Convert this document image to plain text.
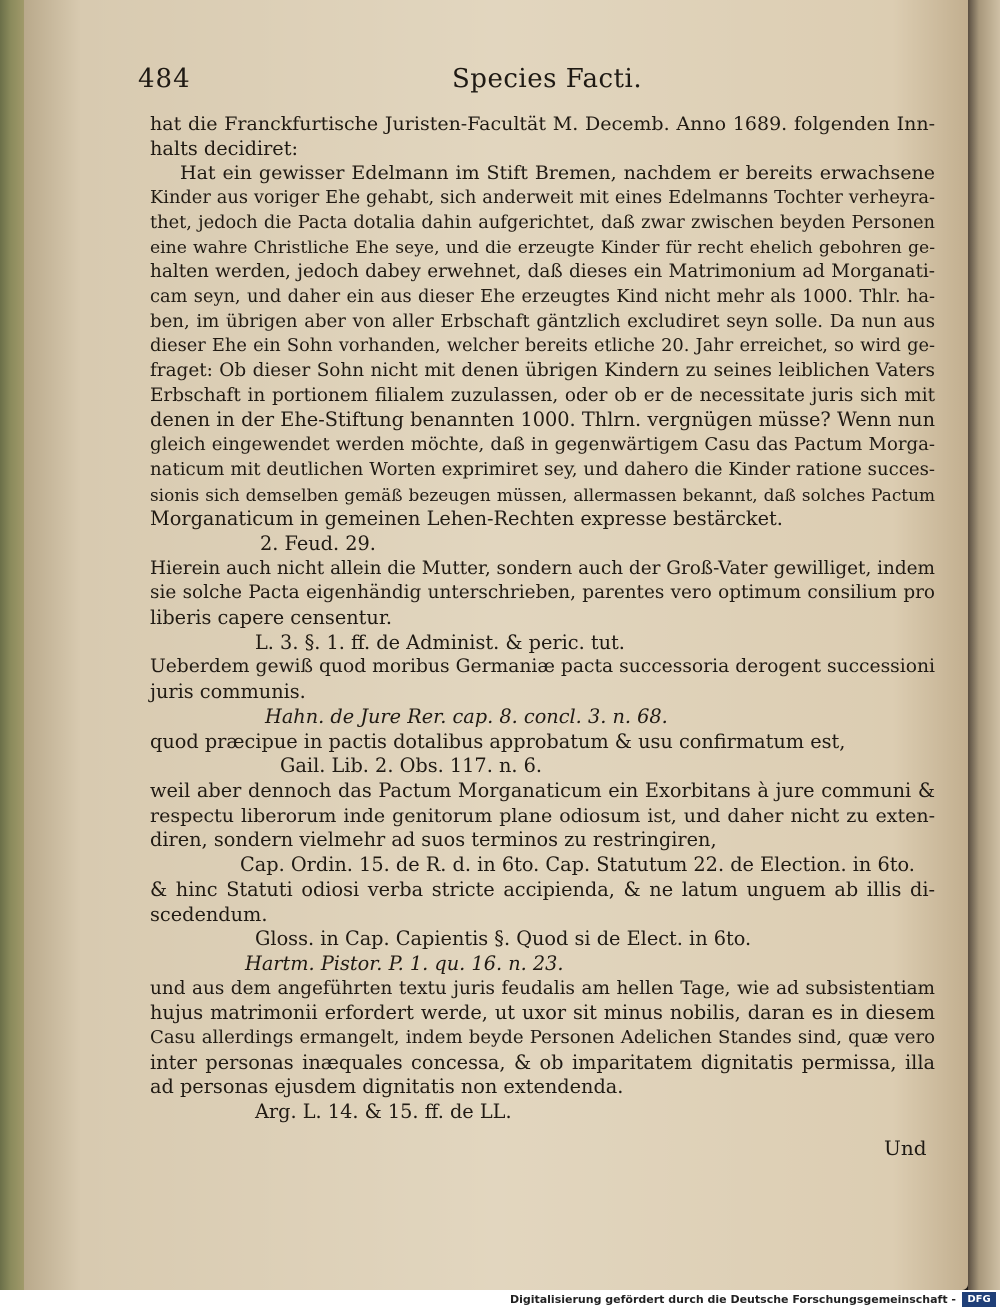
484	Species Facti.
hat die Franckfurtische Juristen-Facultät M. Decemb. Anno 1689. folgenden Inn-
halts decidiret:
Hat ein gewisser Edelmann im Stift Bremen, nachdem er bereits erwachsene
Kinder aus voriger Ehe gehabt, sich anderweit mit eines Edelmanns Tochter verheyra-
thet, jedoch die Pacta dotalia dahin aufgerichtet, daß zwar zwischen beyden Personen
eine wahre Christliche Ehe seye, und die erzeugte Kinder für recht ehelich gebohren ge-
halten werden, jedoch dabey erwehnet, daß dieses ein Matrimonium ad Morganati-
cam seyn, und daher ein aus dieser Ehe erzeugtes Kind nicht mehr als 1000. Thlr. ha-
ben, im übrigen aber von aller Erbschaft gäntzlich excludiret seyn solle. Da nun aus
dieser Ehe ein Sohn vorhanden, welcher bereits etliche 20. Jahr erreichet, so wird ge-
fraget: Ob dieser Sohn nicht mit denen übrigen Kindern zu seines leiblichen Vaters
Erbschaft in portionem filialem zuzulassen, oder ob er de necessitate juris sich mit
denen in der Ehe-Stiftung benannten 1000. Thlrn. vergnügen müsse? Wenn nun
gleich eingewendet werden möchte, daß in gegenwärtigem Casu das Pactum Morga-
naticum mit deutlichen Worten exprimiret sey, und dahero die Kinder ratione succes-
sionis sich demselben gemäß bezeugen müssen, allermassen bekannt, daß solches Pactum
Morganaticum in gemeinen Lehen-Rechten expresse bestärcket.
2. Feud. 29.
Hierein auch nicht allein die Mutter, sondern auch der Groß-Vater gewilliget, indem
sie solche Pacta eigenhändig unterschrieben, parentes vero optimum consilium pro
liberis capere censentur.
L. 3. §. 1. ff. de Administ. & peric. tut.
Ueberdem gewiß quod moribus Germaniæ pacta successoria derogent successioni
juris communis.
Hahn. de Jure Rer. cap. 8. concl. 3. n. 68.
quod præcipue in pactis dotalibus approbatum & usu confirmatum est,
Gail. Lib. 2. Obs. 117. n. 6.
weil aber dennoch das Pactum Morganaticum ein Exorbitans à jure communi &
respectu liberorum inde genitorum plane odiosum ist, und daher nicht zu exten-
diren, sondern vielmehr ad suos terminos zu restringiren,
Cap. Ordin. 15. de R. d. in 6to. Cap. Statutum 22. de Election. in 6to.
& hinc Statuti odiosi verba stricte accipienda, & ne latum unguem ab illis di-
scedendum.
Gloss. in Cap. Capientis §. Quod si de Elect. in 6to.
Hartm. Pistor. P. 1. qu. 16. n. 23.
und aus dem angeführten textu juris feudalis am hellen Tage, wie ad subsistentiam
hujus matrimonii erfordert werde, ut uxor sit minus nobilis, daran es in diesem
Casu allerdings ermangelt, indem beyde Personen Adelichen Standes sind, quæ vero
inter personas inæquales concessa, & ob imparitatem dignitatis permissa, illa
ad personas ejusdem dignitatis non extendenda.
Arg. L. 14. & 15. ff. de LL.
Und
Digitalisierung gefördert durch die Deutsche Forschungsgemeinschaft -	DFG
